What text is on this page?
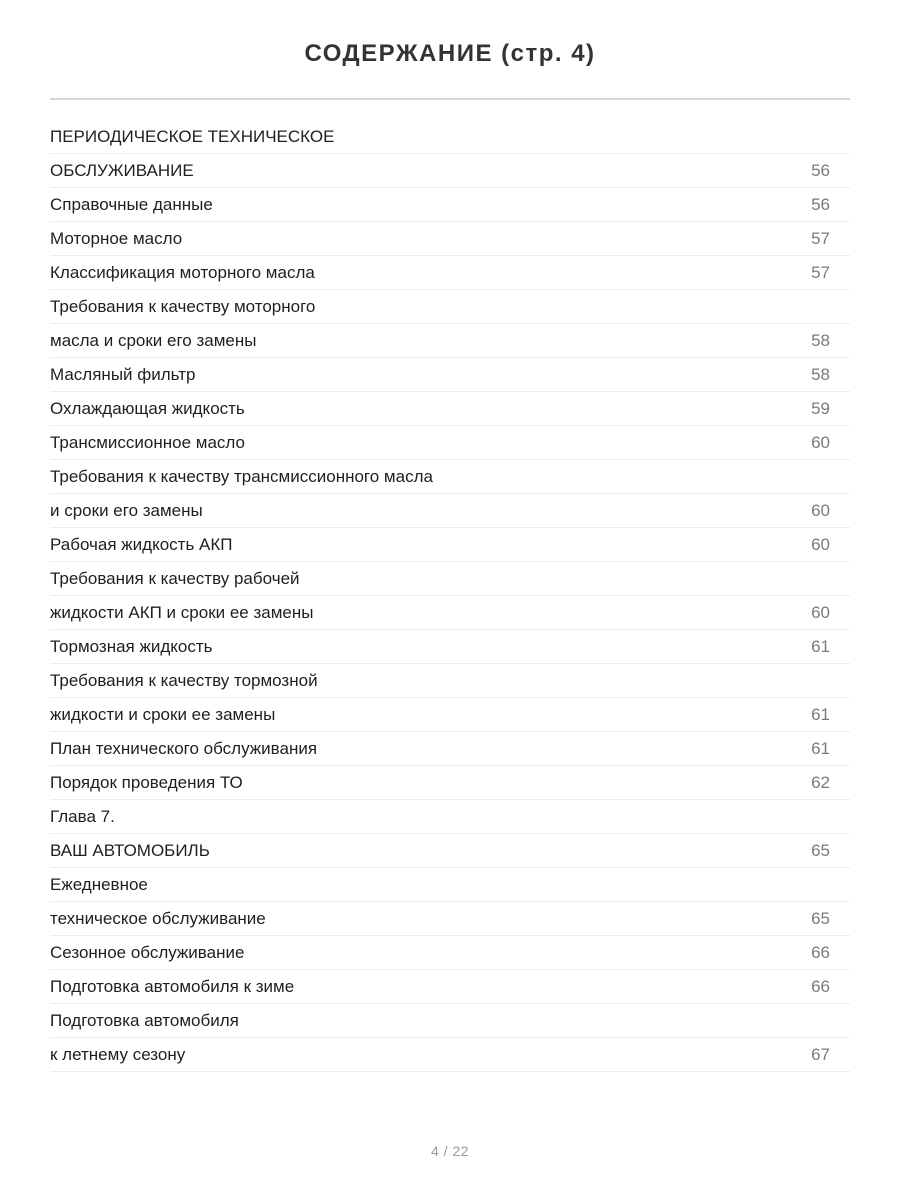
СОДЕРЖАНИЕ (стр. 4)
ПЕРИОДИЧЕСКОЕ ТЕХНИЧЕСКОЕ
ОБСЛУЖИВАНИЕ	56
Справочные данные	56
Моторное масло	57
Классификация моторного масла	57
Требования к качеству моторного
масла и сроки его замены	58
Масляный фильтр	58
Охлаждающая жидкость	59
Трансмиссионное масло	60
Требования к качеству трансмиссионного масла
и сроки его замены	60
Рабочая жидкость АКП	60
Требования к качеству рабочей
жидкости АКП и сроки ее замены	60
Тормозная жидкость	61
Требования к качеству тормозной
жидкости и сроки ее замены	61
План технического обслуживания	61
Порядок проведения ТО	62
Глава 7.
ВАШ АВТОМОБИЛЬ	65
Ежедневное
техническое обслуживание	65
Сезонное обслуживание	66
Подготовка автомобиля к зиме	66
Подготовка автомобиля
к летнему сезону	67
4 / 22
